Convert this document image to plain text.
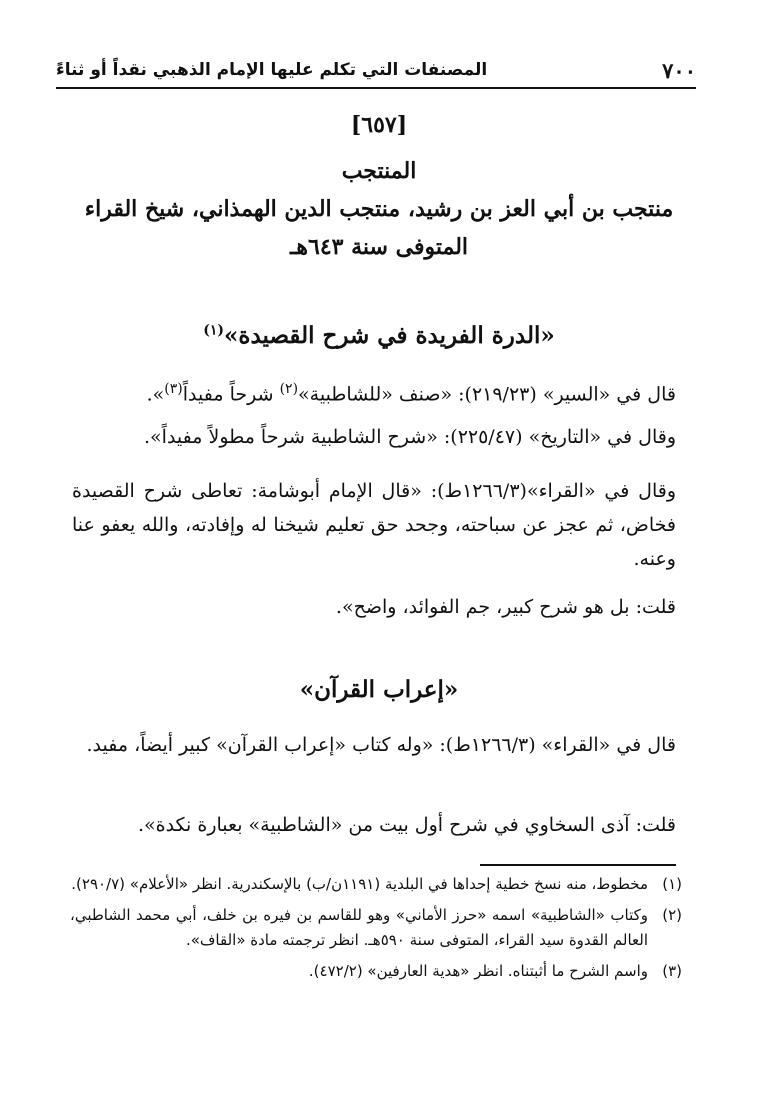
٧٠٠
المصنفات التي تكلم عليها الإمام الذهبي نقداً أو ثناءً
[٦٥٧]
المنتجب
منتجب بن أبي العز بن رشيد، منتجب الدين الهمذاني، شيخ القراء
المتوفى سنة ٦٤٣هـ
«الدرة الفريدة في شرح القصيدة»$^{(١)}$
قال في «السير» (٢١٩/٢٣): «صنف «للشاطبية»$^{(٢)}$ شرحاً مفيداً$^{(٣)}$».
وقال في «التاريخ» (٢٢٥/٤٧): «شرح الشاطبية شرحاً مطولاً مفيداً».
وقال في «القراء»(١٢٦٦/٣ط): «قال الإمام أبوشامة: تعاطى شرح القصيدة فخاض، ثم عجز عن سباحته، وجحد حق تعليم شيخنا له وإفادته، والله يعفو عنا وعنه.
قلت: بل هو شرح كبير، جم الفوائد، واضح».
«إعراب القرآن»
قال في «القراء» (١٢٦٦/٣ط): «وله كتاب «إعراب القرآن» كبير أيضاً، مفيد.
قلت: آذى السخاوي في شرح أول بيت من «الشاطبية» بعبارة نكدة».
(١)
مخطوط، منه نسخ خطية إحداها في البلدية (١١٩١ن/ب) بالإسكندرية. انظر «الأعلام» (٢٩٠/٧).
(٢)
وكتاب «الشاطبية» اسمه «حرز الأماني» وهو للقاسم بن فيره بن خلف، أبي محمد الشاطبي، العالم القدوة سيد القراء، المتوفى سنة ٥٩٠هـ. انظر ترجمته مادة «القاف».
(٣)
واسم الشرح ما أثبتناه. انظر «هدية العارفين» (٤٧٢/٢).
